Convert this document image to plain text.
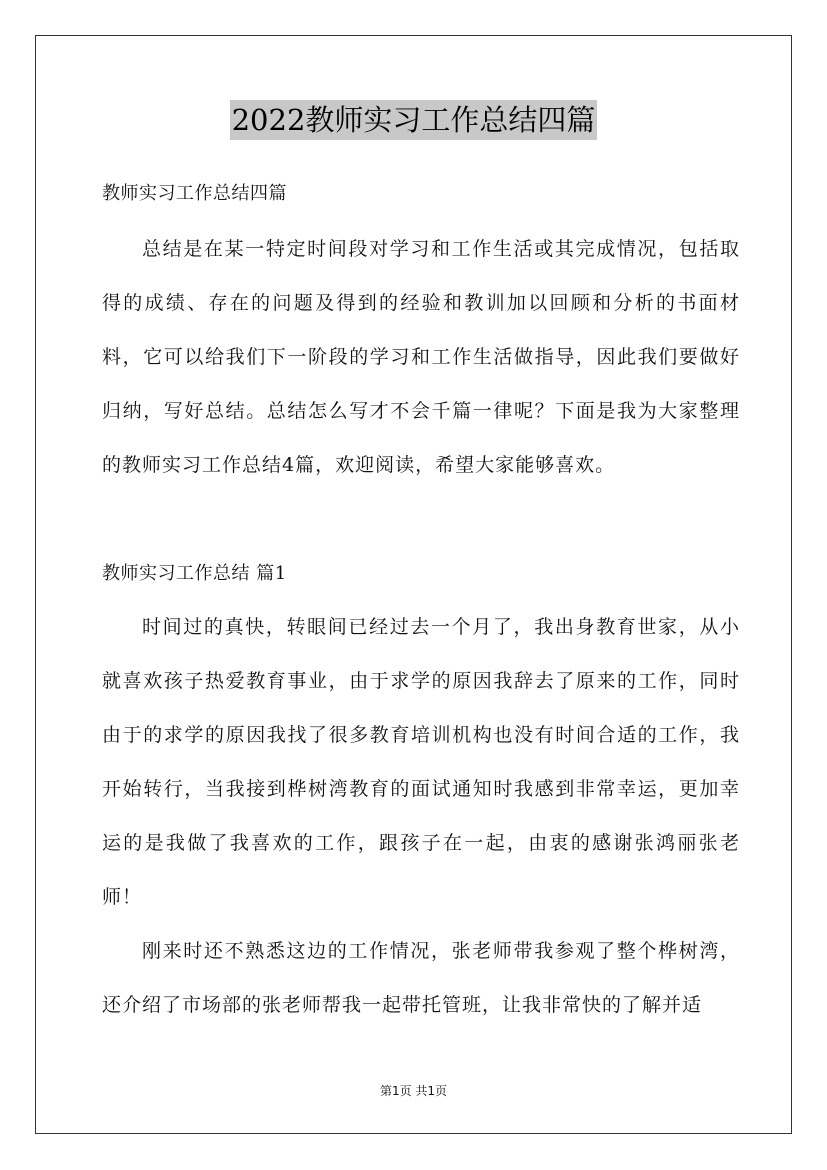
2022教师实习工作总结四篇
教师实习工作总结四篇
总结是在某一特定时间段对学习和工作生活或其完成情况，包括取得的成绩、存在的问题及得到的经验和教训加以回顾和分析的书面材料，它可以给我们下一阶段的学习和工作生活做指导，因此我们要做好归纳，写好总结。总结怎么写才不会千篇一律呢？下面是我为大家整理的教师实习工作总结4篇，欢迎阅读，希望大家能够喜欢。
教师实习工作总结 篇1
时间过的真快，转眼间已经过去一个月了，我出身教育世家，从小就喜欢孩子热爱教育事业，由于求学的原因我辞去了原来的工作，同时由于的求学的原因我找了很多教育培训机构也没有时间合适的工作，我开始转行，当我接到桦树湾教育的面试通知时我感到非常幸运，更加幸运的是我做了我喜欢的工作，跟孩子在一起，由衷的感谢张鸿丽张老师！
刚来时还不熟悉这边的工作情况，张老师带我参观了整个桦树湾，还介绍了市场部的张老师帮我一起带托管班，让我非常快的了解并适
第1页 共1页
